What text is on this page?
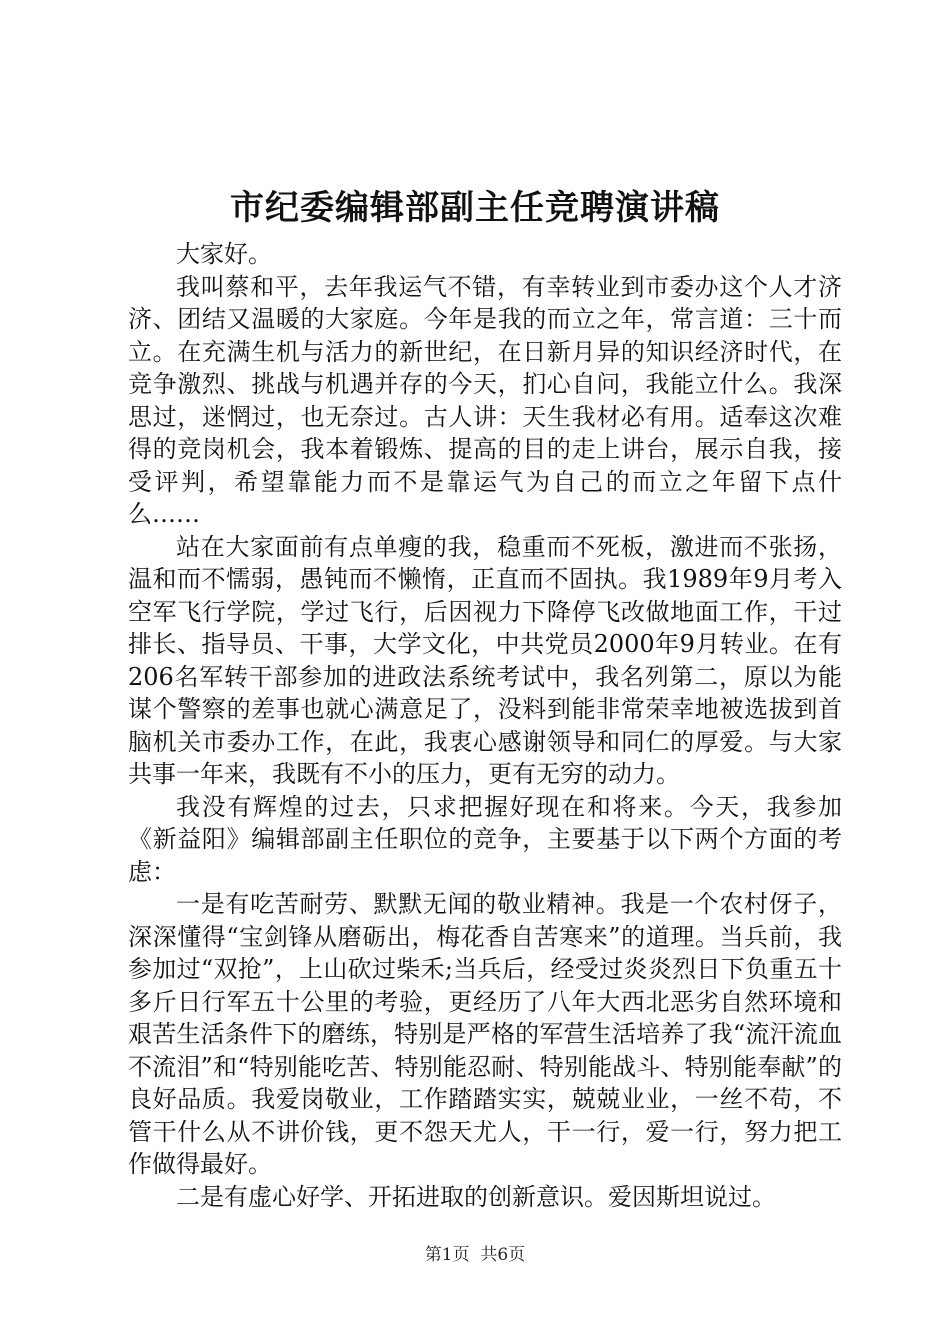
市纪委编辑部副主任竞聘演讲稿

大家好。

我叫蔡和平，去年我运气不错，有幸转业到市委办这个人才济济、团结又温暖的大家庭。今年是我的而立之年，常言道：三十而立。在充满生机与活力的新世纪，在日新月异的知识经济时代，在竞争激烈、挑战与机遇并存的今天，扪心自问，我能立什么。我深思过，迷惘过，也无奈过。古人讲：天生我材必有用。适奉这次难得的竞岗机会，我本着锻炼、提高的目的走上讲台，展示自我，接受评判，希望靠能力而不是靠运气为自己的而立之年留下点什么……

站在大家面前有点单瘦的我，稳重而不死板，激进而不张扬，温和而不懦弱，愚钝而不懒惰，正直而不固执。我1989年9月考入空军飞行学院，学过飞行，后因视力下降停飞改做地面工作，干过排长、指导员、干事，大学文化，中共党员2000年9月转业。在有206名军转干部参加的进政法系统考试中，我名列第二，原以为能谋个警察的差事也就心满意足了，没料到能非常荣幸地被选拔到首脑机关市委办工作，在此，我衷心感谢领导和同仁的厚爱。与大家共事一年来，我既有不小的压力，更有无穷的动力。

我没有辉煌的过去，只求把握好现在和将来。今天，我参加《新益阳》编辑部副主任职位的竞争，主要基于以下两个方面的考虑：

一是有吃苦耐劳、默默无闻的敬业精神。我是一个农村伢子，深深懂得“宝剑锋从磨砺出，梅花香自苦寒来”的道理。当兵前，我参加过“双抢”，上山砍过柴禾;当兵后，经受过炎炎烈日下负重五十多斤日行军五十公里的考验，更经历了八年大西北恶劣自然环境和艰苦生活条件下的磨练，特别是严格的军营生活培养了我“流汗流血不流泪”和“特别能吃苦、特别能忍耐、特别能战斗、特别能奉献”的良好品质。我爱岗敬业，工作踏踏实实，兢兢业业，一丝不苟，不管干什么从不讲价钱，更不怨天尤人，干一行，爱一行，努力把工作做得最好。

二是有虚心好学、开拓进取的创新意识。爱因斯坦说过。

第1页 共6页
